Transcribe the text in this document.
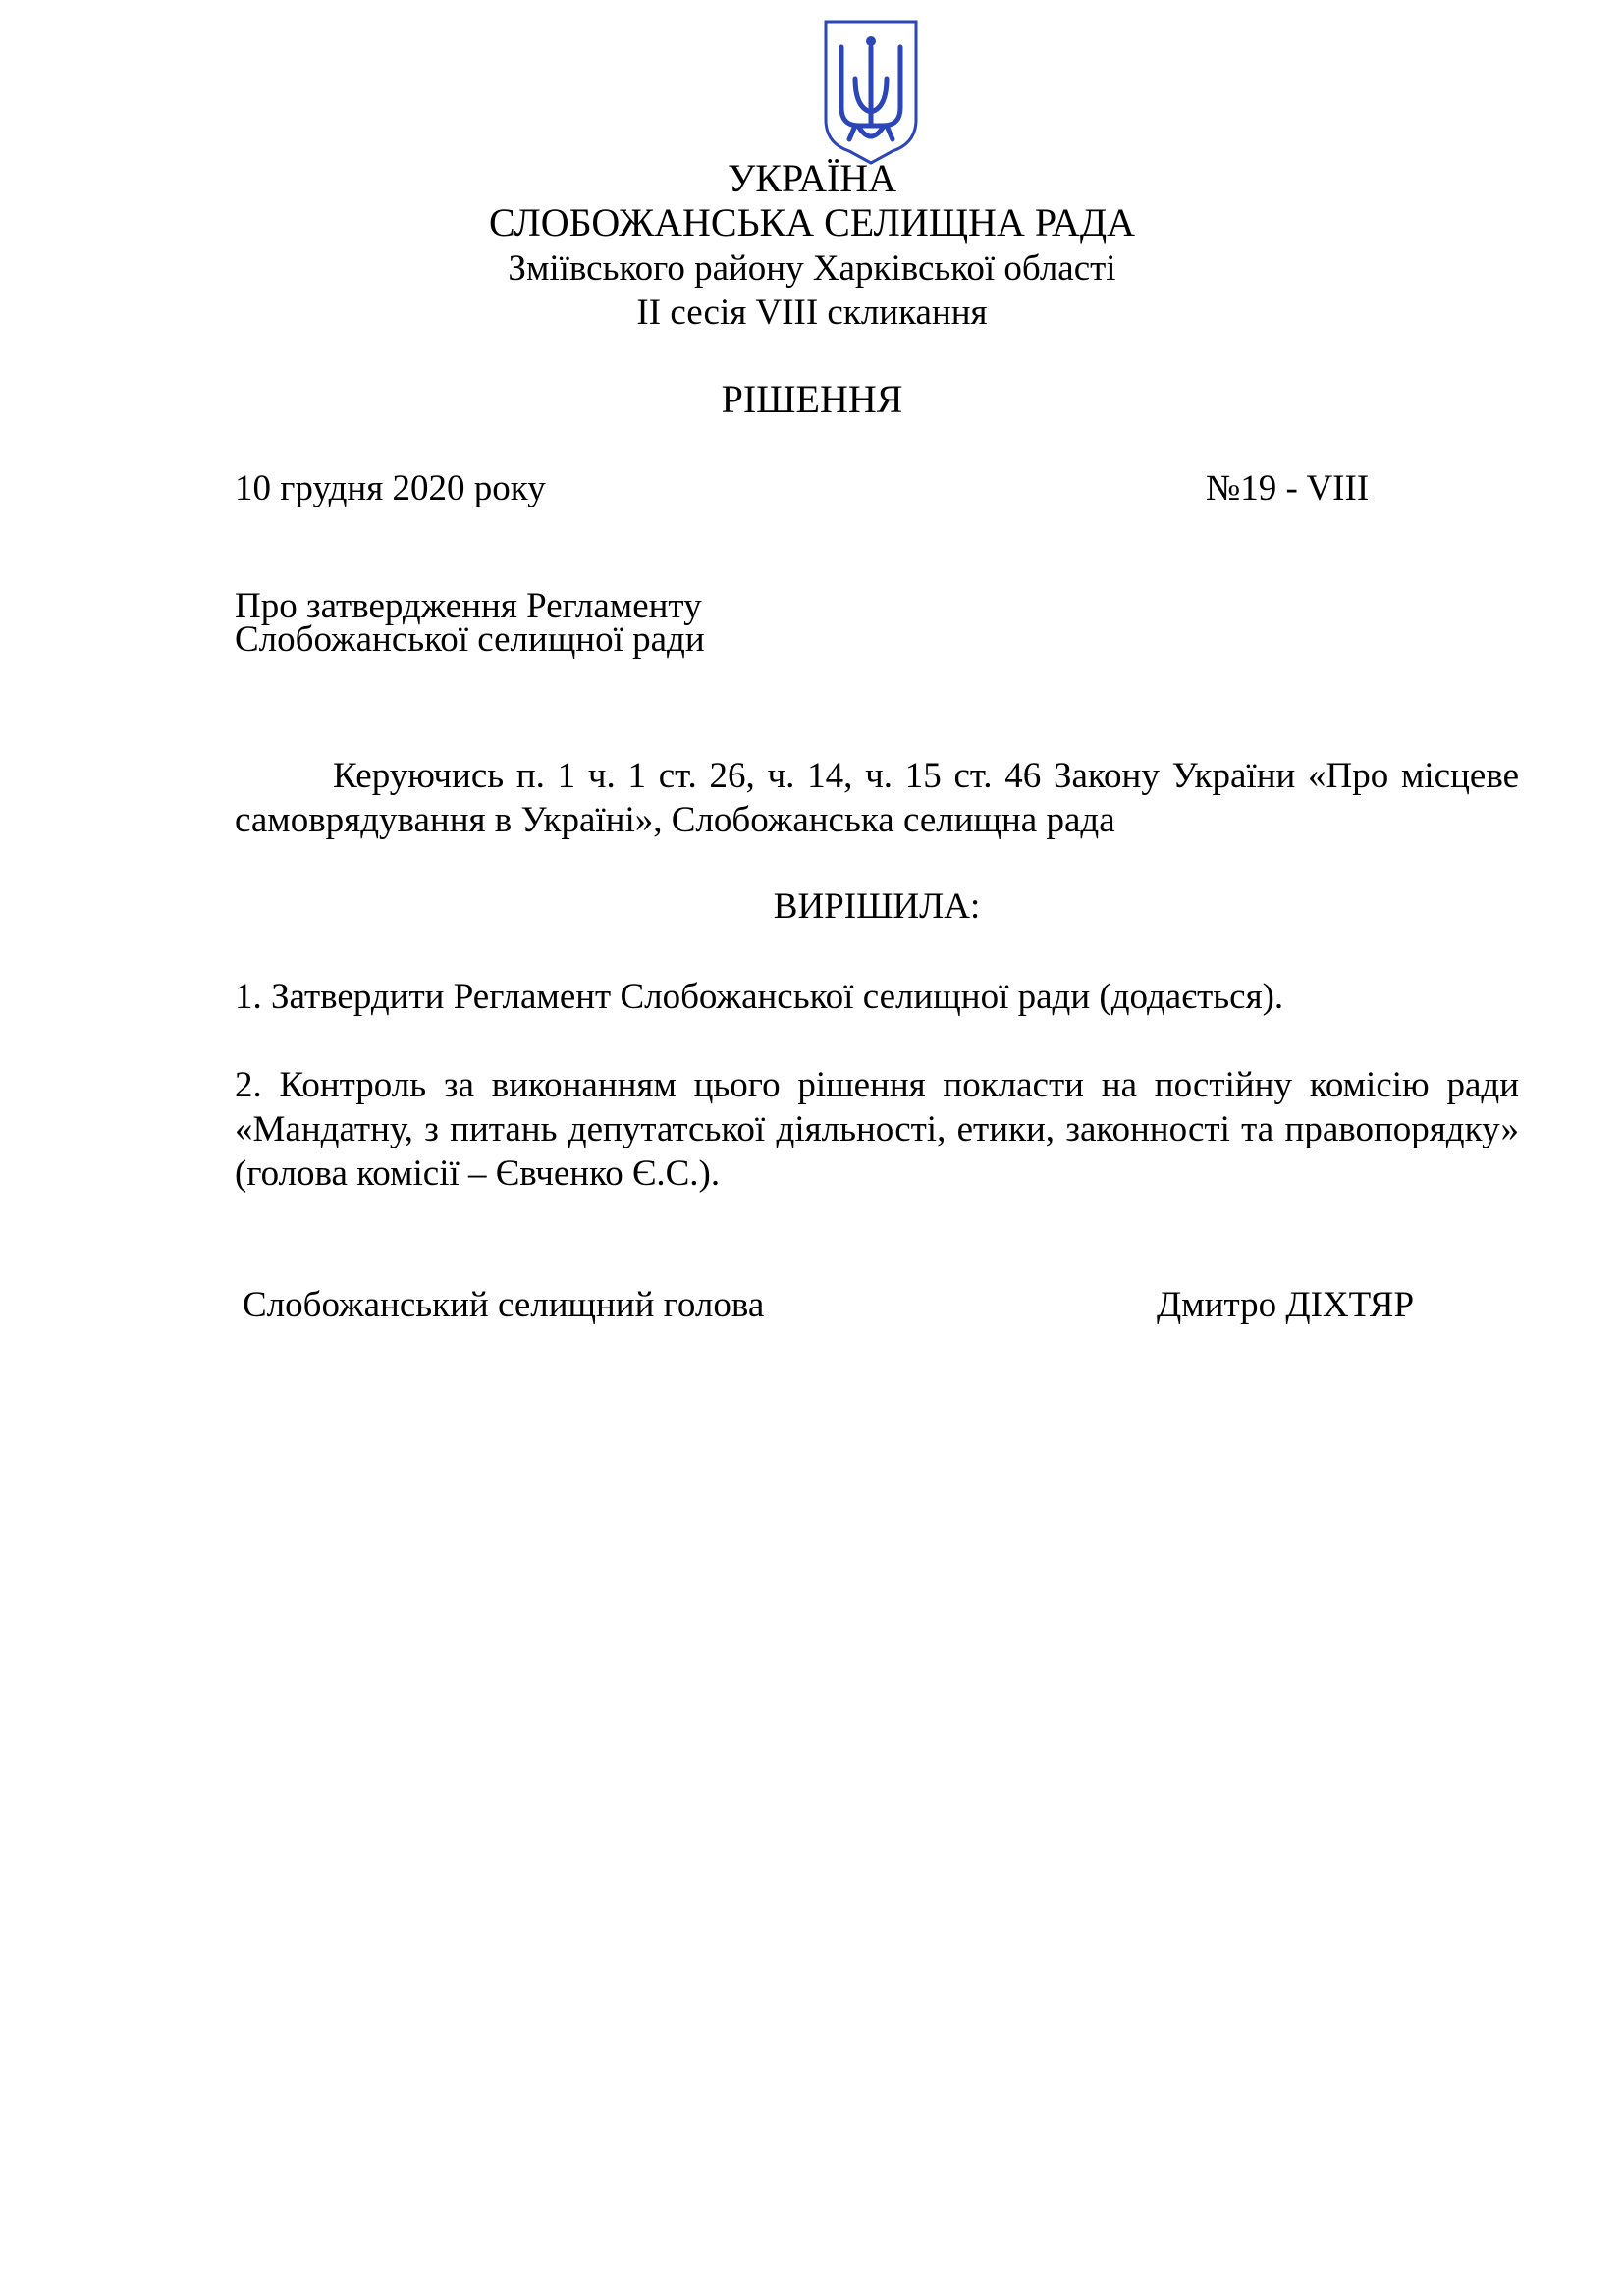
УКРАЇНА
СЛОБОЖАНСЬКА СЕЛИЩНА РАДА
Зміївського району Харківської області
ІІ сесія VIIІ скликання
РІШЕННЯ
10 грудня 2020 року	№19 - VIII
Про затвердження Регламенту
Слобожанської селищної ради
Керуючись п. 1 ч. 1 ст. 26, ч. 14, ч. 15 ст. 46 Закону України «Про місцеве самоврядування в Україні», Слобожанська селищна рада
ВИРІШИЛА:
1. Затвердити Регламент Слобожанської селищної ради (додається).
2. Контроль за виконанням цього рішення покласти на постійну комісію ради «Мандатну, з питань депутатської діяльності, етики, законності та правопорядку» (голова комісії – Євченко Є.С.).
Слобожанський селищний голова	Дмитро ДІХТЯР
